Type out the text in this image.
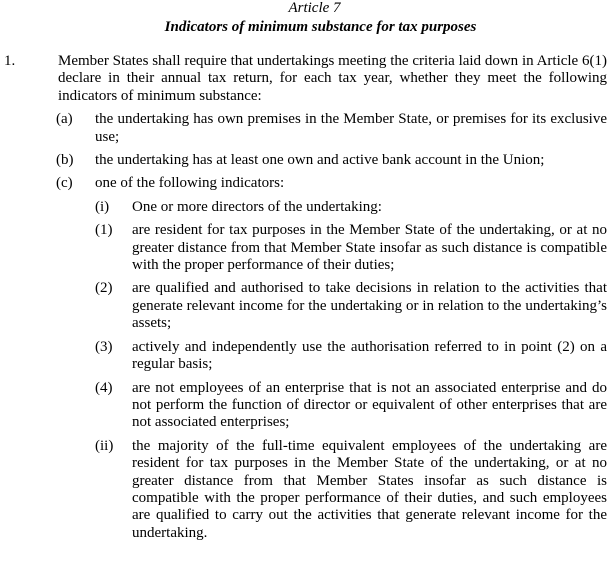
Article 7
Indicators of minimum substance for tax purposes
1.	Member States shall require that undertakings meeting the criteria laid down in Article 6(1) declare in their annual tax return, for each tax year, whether they meet the following indicators of minimum substance:
(a) the undertaking has own premises in the Member State, or premises for its exclusive use;
(b) the undertaking has at least one own and active bank account in the Union;
(c) one of the following indicators:
(i) One or more directors of the undertaking:
(1) are resident for tax purposes in the Member State of the undertaking, or at no greater distance from that Member State insofar as such distance is compatible with the proper performance of their duties;
(2) are qualified and authorised to take decisions in relation to the activities that generate relevant income for the undertaking or in relation to the undertaking’s assets;
(3) actively and independently use the authorisation referred to in point (2) on a regular basis;
(4) are not employees of an enterprise that is not an associated enterprise and do not perform the function of director or equivalent of other enterprises that are not associated enterprises;
(ii) the majority of the full-time equivalent employees of the undertaking are resident for tax purposes in the Member State of the undertaking, or at no greater distance from that Member States insofar as such distance is compatible with the proper performance of their duties, and such employees are qualified to carry out the activities that generate relevant income for the undertaking.
